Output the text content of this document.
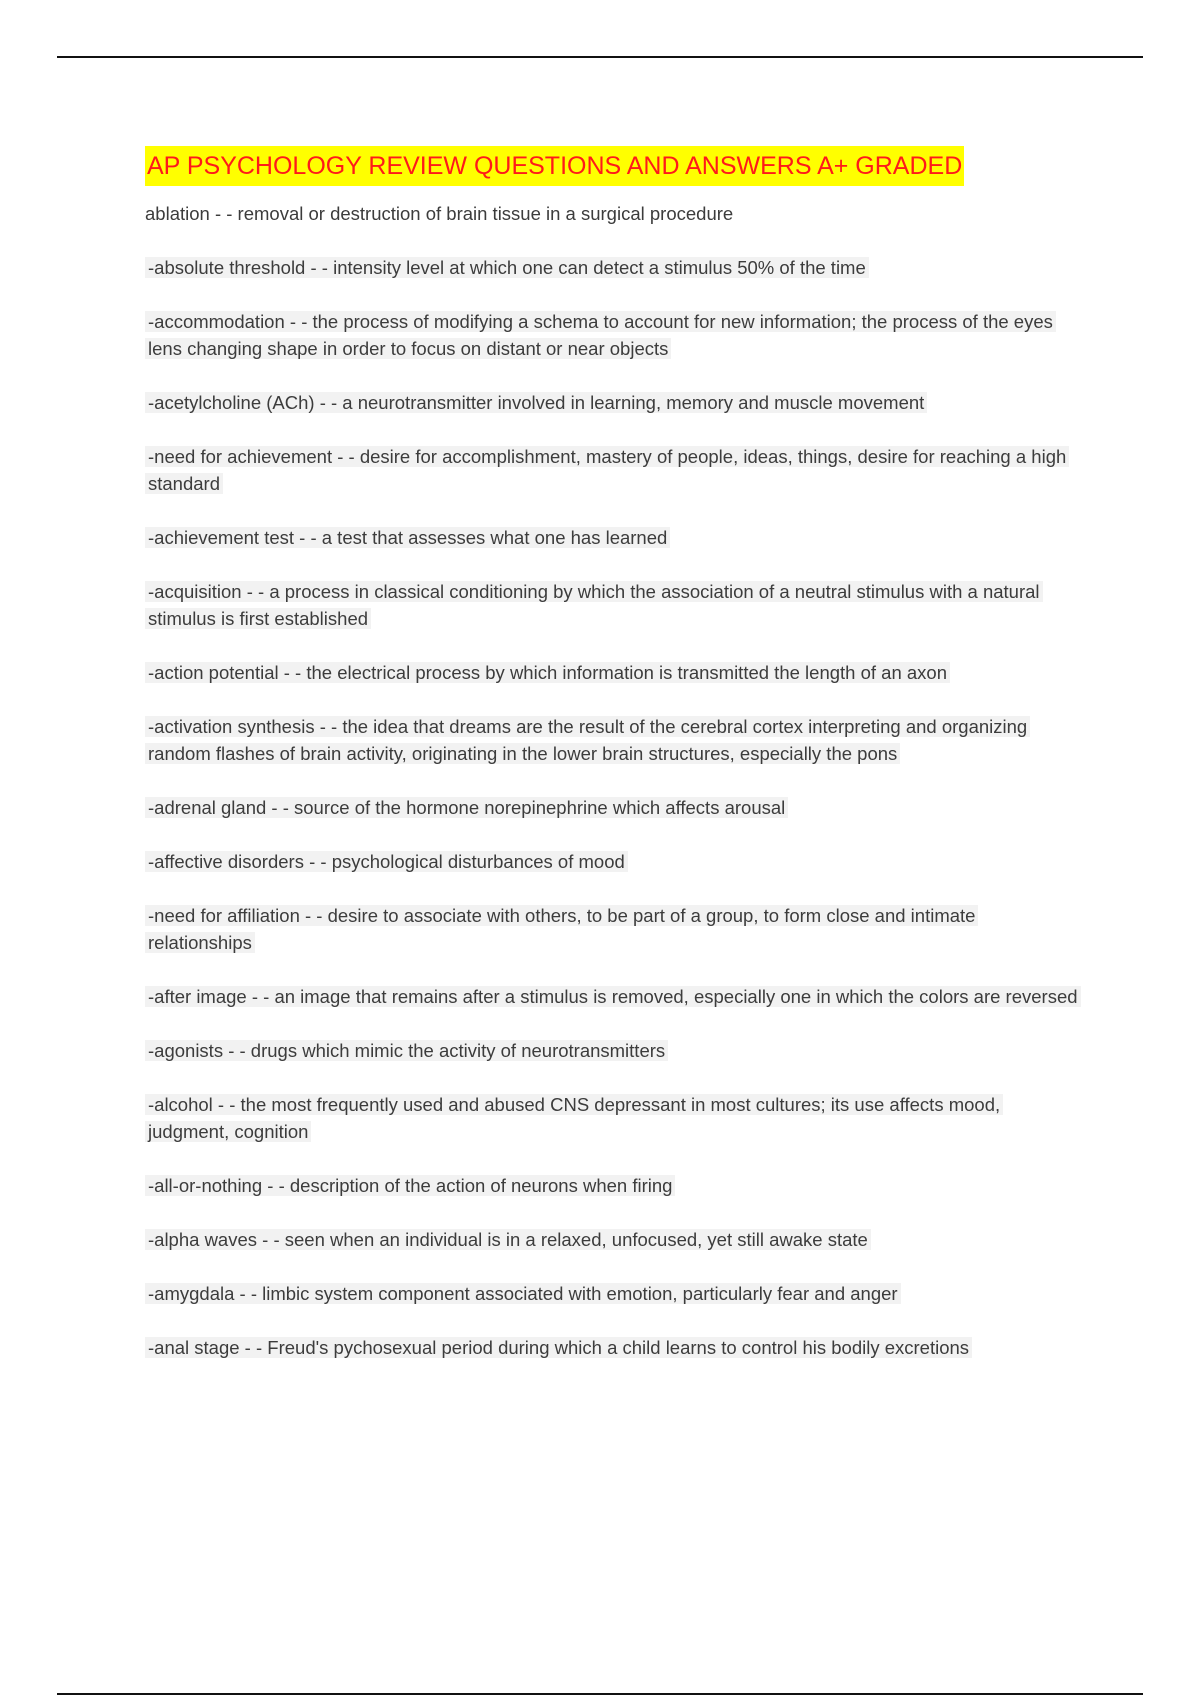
AP PSYCHOLOGY REVIEW QUESTIONS AND ANSWERS A+ GRADED

ablation - - removal or destruction of brain tissue in a surgical procedure

-absolute threshold - - intensity level at which one can detect a stimulus 50% of the time

-accommodation - - the process of modifying a schema to account for new information; the process of the eyes lens changing shape in order to focus on distant or near objects

-acetylcholine (ACh) - - a neurotransmitter involved in learning, memory and muscle movement

-need for achievement - - desire for accomplishment, mastery of people, ideas, things, desire for reaching a high standard

-achievement test - - a test that assesses what one has learned

-acquisition - - a process in classical conditioning by which the association of a neutral stimulus with a natural stimulus is first established

-action potential - - the electrical process by which information is transmitted the length of an axon

-activation synthesis - - the idea that dreams are the result of the cerebral cortex interpreting and organizing random flashes of brain activity, originating in the lower brain structures, especially the pons

-adrenal gland - - source of the hormone norepinephrine which affects arousal

-affective disorders - - psychological disturbances of mood

-need for affiliation - - desire to associate with others, to be part of a group, to form close and intimate relationships

-after image - - an image that remains after a stimulus is removed, especially one in which the colors are reversed

-agonists - - drugs which mimic the activity of neurotransmitters

-alcohol - - the most frequently used and abused CNS depressant in most cultures; its use affects mood, judgment, cognition

-all-or-nothing - - description of the action of neurons when firing

-alpha waves - - seen when an individual is in a relaxed, unfocused, yet still awake state

-amygdala - - limbic system component associated with emotion, particularly fear and anger

-anal stage - - Freud's pychosexual period during which a child learns to control his bodily excretions
